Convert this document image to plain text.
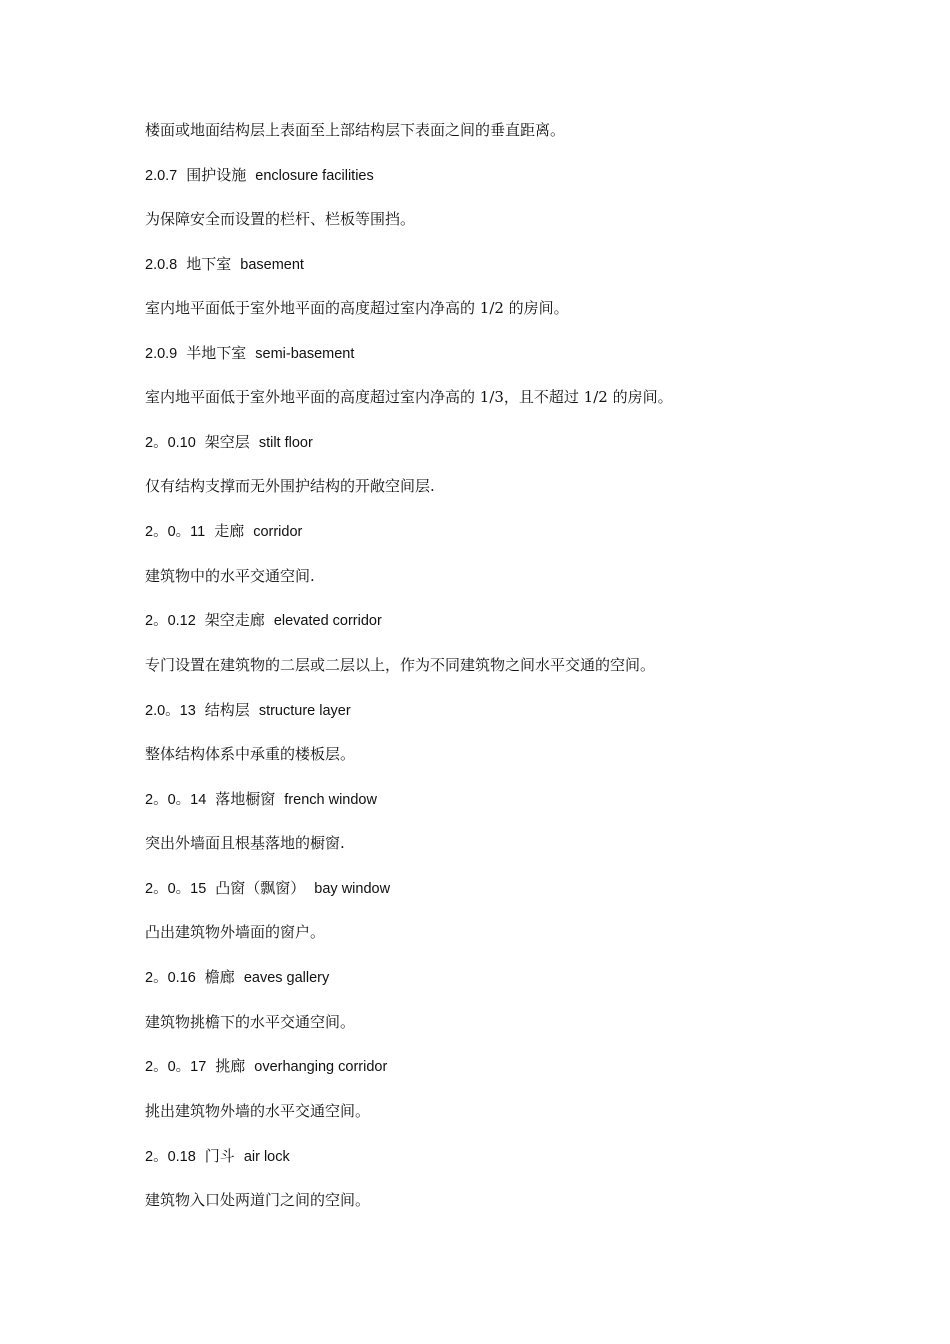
楼面或地面结构层上表面至上部结构层下表面之间的垂直距离。
2.0.7 围护设施 enclosure facilities
为保障安全而设置的栏杆、栏板等围挡。
2.0.8 地下室 basement
室内地平面低于室外地平面的高度超过室内净高的 1/2 的房间。
2.0.9 半地下室 semi-basement
室内地平面低于室外地平面的高度超过室内净高的 1/3，且不超过 1/2 的房间。
2。0.10 架空层 stilt floor
仅有结构支撑而无外围护结构的开敞空间层.
2。0。11 走廊 corridor
建筑物中的水平交通空间.
2。0.12 架空走廊 elevated corridor
专门设置在建筑物的二层或二层以上，作为不同建筑物之间水平交通的空间。
2.0。13 结构层 structure layer
整体结构体系中承重的楼板层。
2。0。14 落地橱窗 french window
突出外墙面且根基落地的橱窗.
2。0。15 凸窗（飘窗） bay window
凸出建筑物外墙面的窗户。
2。0.16 檐廊 eaves gallery
建筑物挑檐下的水平交通空间。
2。0。17 挑廊 overhanging corridor
挑出建筑物外墙的水平交通空间。
2。0.18 门斗 air lock
建筑物入口处两道门之间的空间。
